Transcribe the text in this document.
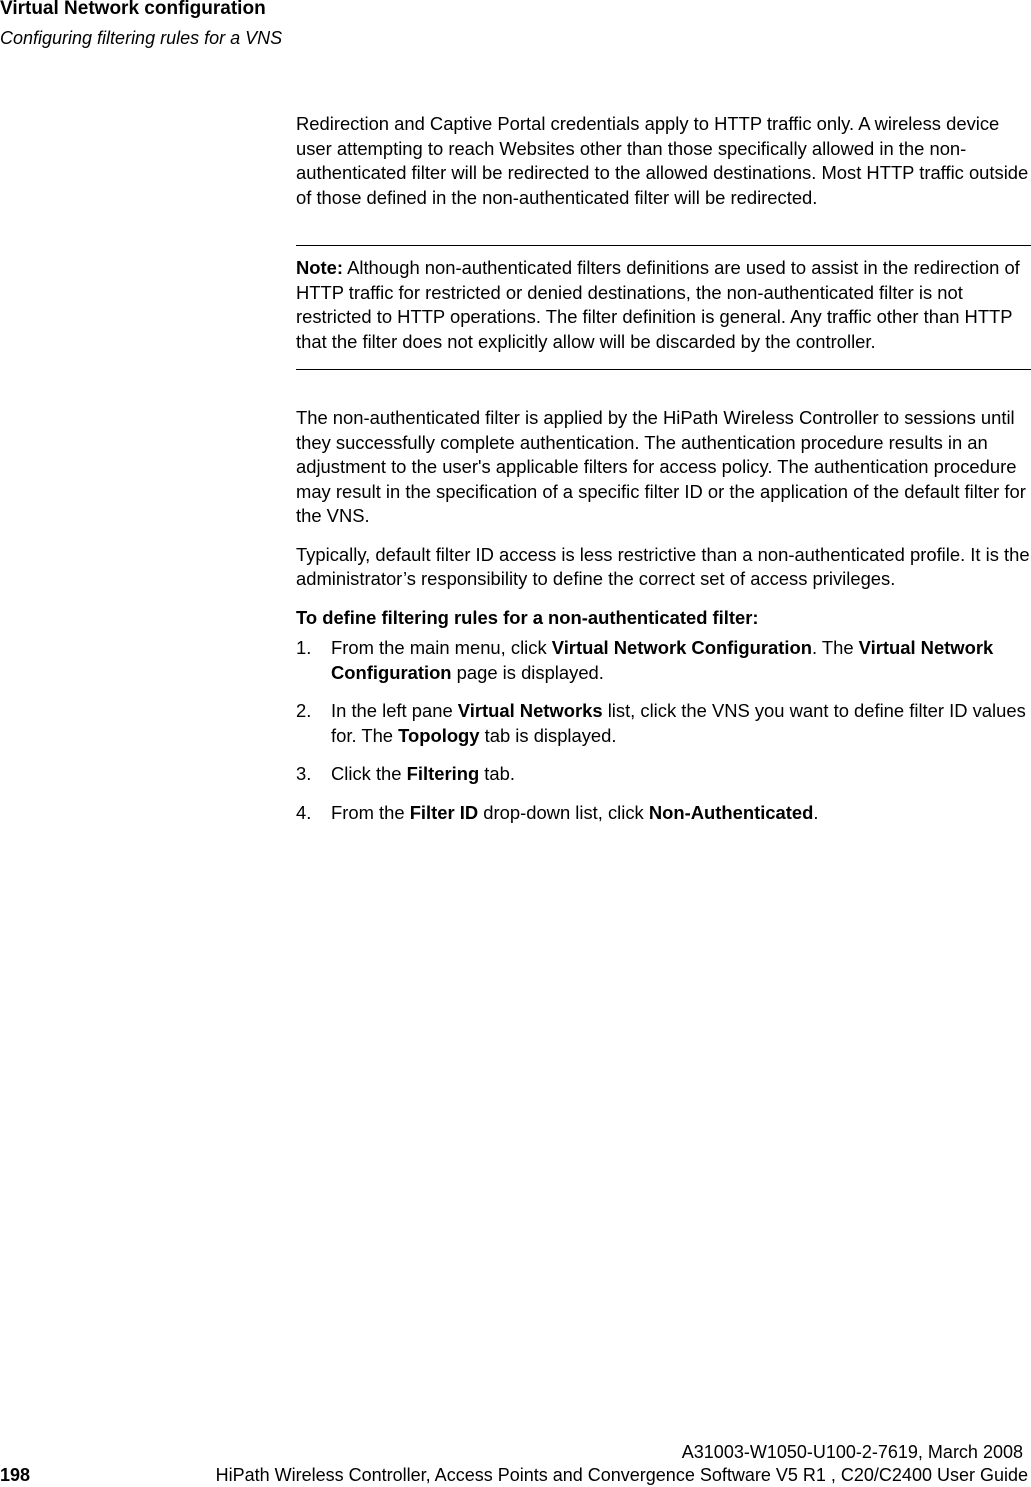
Virtual Network configuration
Configuring filtering rules for a VNS

Redirection and Captive Portal credentials apply to HTTP traffic only. A wireless device user attempting to reach Websites other than those specifically allowed in the non-authenticated filter will be redirected to the allowed destinations. Most HTTP traffic outside of those defined in the non-authenticated filter will be redirected.

Note: Although non-authenticated filters definitions are used to assist in the redirection of HTTP traffic for restricted or denied destinations, the non-authenticated filter is not restricted to HTTP operations. The filter definition is general. Any traffic other than HTTP that the filter does not explicitly allow will be discarded by the controller.

The non-authenticated filter is applied by the HiPath Wireless Controller to sessions until they successfully complete authentication. The authentication procedure results in an adjustment to the user's applicable filters for access policy. The authentication procedure may result in the specification of a specific filter ID or the application of the default filter for the VNS.

Typically, default filter ID access is less restrictive than a non-authenticated profile. It is the administrator’s responsibility to define the correct set of access privileges.

To define filtering rules for a non-authenticated filter:

1. From the main menu, click Virtual Network Configuration. The Virtual Network Configuration page is displayed.
2. In the left pane Virtual Networks list, click the VNS you want to define filter ID values for. The Topology tab is displayed.
3. Click the Filtering tab.
4. From the Filter ID drop-down list, click Non-Authenticated.
A31003-W1050-U100-2-7619, March 2008
198	HiPath Wireless Controller, Access Points and Convergence Software V5 R1 , C20/C2400 User Guide
